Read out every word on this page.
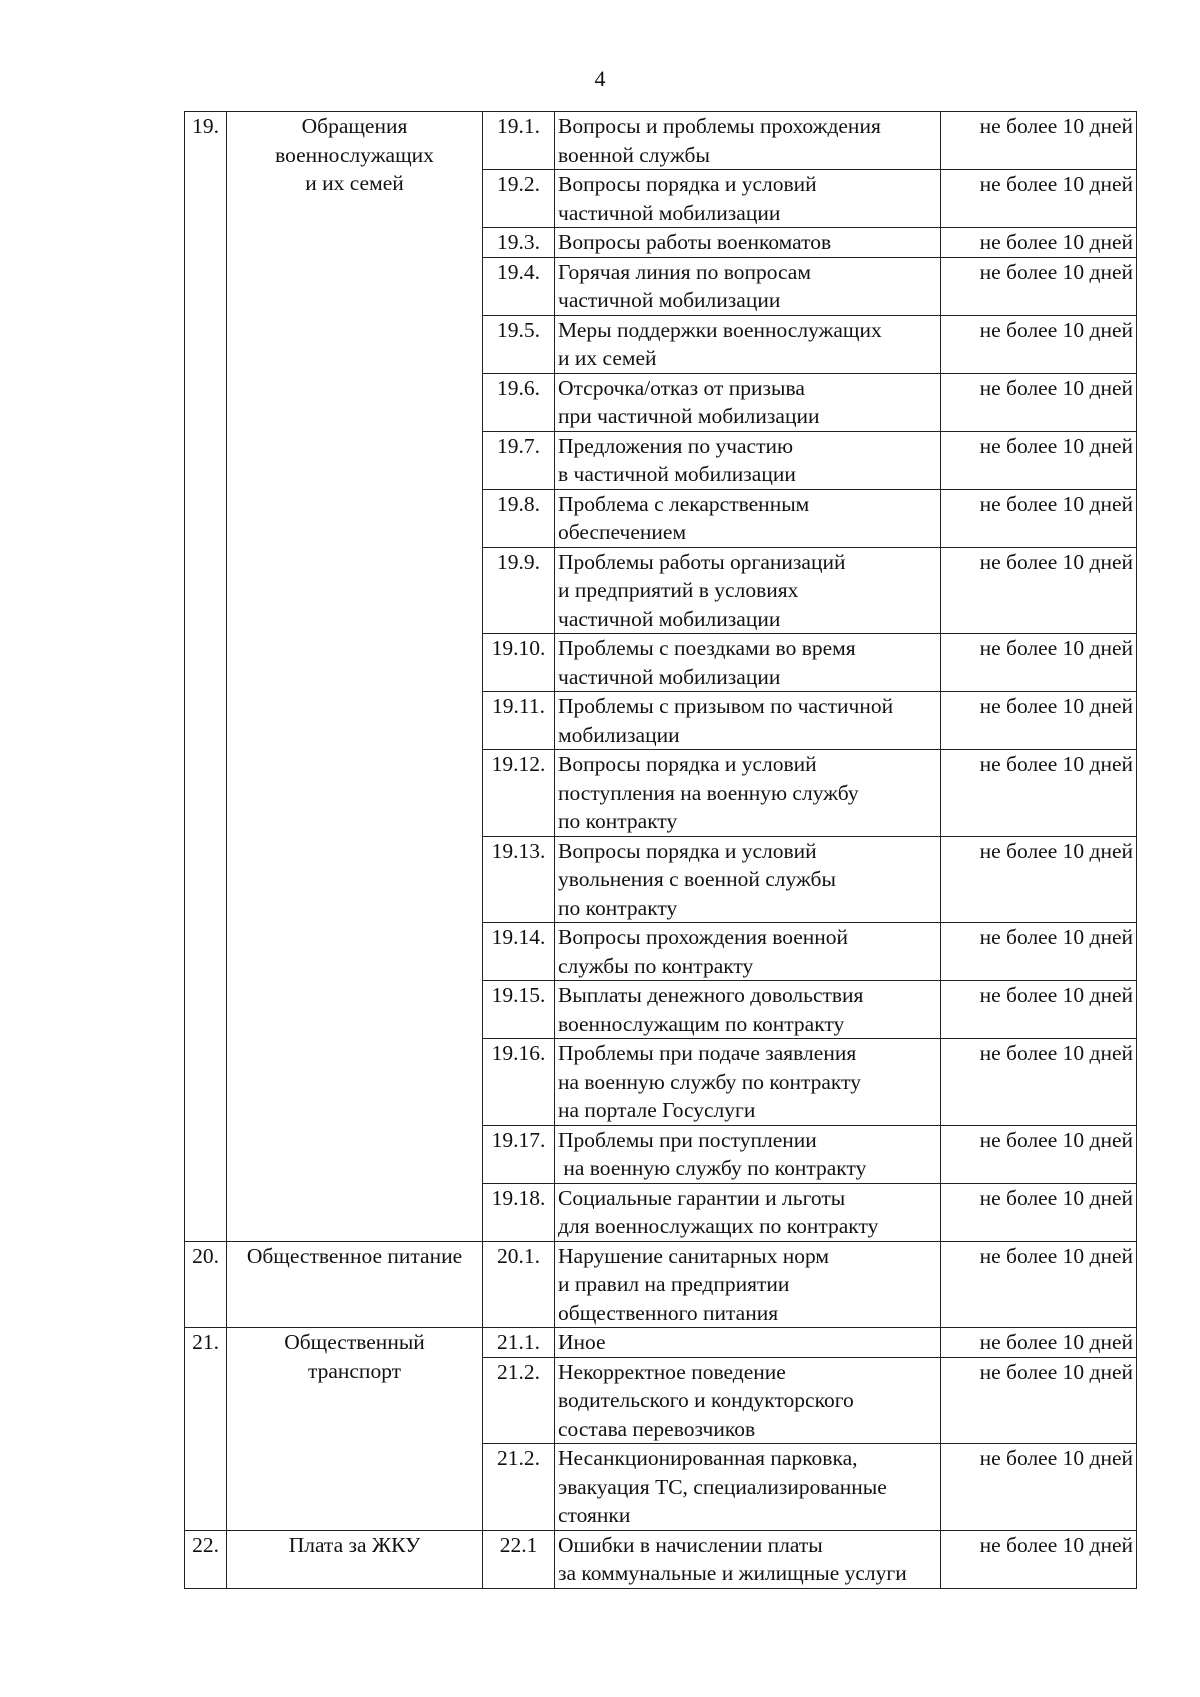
4
19.	Обращения
военнослужащих
и их семей	19.1.	Вопросы и проблемы прохождения
военной службы	не более 10 дней
		19.2.	Вопросы порядка и условий
частичной мобилизации	не более 10 дней
		19.3.	Вопросы работы военкоматов	не более 10 дней
		19.4.	Горячая линия по вопросам
частичной мобилизации	не более 10 дней
		19.5.	Меры поддержки военнослужащих
и их семей	не более 10 дней
		19.6.	Отсрочка/отказ от призыва
при частичной мобилизации	не более 10 дней
		19.7.	Предложения по участию
в частичной мобилизации	не более 10 дней
		19.8.	Проблема с лекарственным
обеспечением	не более 10 дней
		19.9.	Проблемы работы организаций
и предприятий в условиях
частичной мобилизации	не более 10 дней
		19.10.	Проблемы с поездками во время
частичной мобилизации	не более 10 дней
		19.11.	Проблемы с призывом по частичной
мобилизации	не более 10 дней
		19.12.	Вопросы порядка и условий
поступления на военную службу
по контракту	не более 10 дней
		19.13.	Вопросы порядка и условий
увольнения с военной службы
по контракту	не более 10 дней
		19.14.	Вопросы прохождения военной
службы по контракту	не более 10 дней
		19.15.	Выплаты денежного довольствия
военнослужащим по контракту	не более 10 дней
		19.16.	Проблемы при подаче заявления
на военную службу по контракту
на портале Госуслуги	не более 10 дней
		19.17.	Проблемы при поступлении
на военную службу по контракту	не более 10 дней
		19.18.	Социальные гарантии и льготы
для военнослужащих по контракту	не более 10 дней
20.	Общественное питание	20.1.	Нарушение санитарных норм
и правил на предприятии
общественного питания	не более 10 дней
21.	Общественный
транспорт	21.1.	Иное	не более 10 дней
		21.2.	Некорректное поведение
водительского и кондукторского
состава перевозчиков	не более 10 дней
		21.2.	Несанкционированная парковка,
эвакуация ТС, специализированные
стоянки	не более 10 дней
22.	Плата за ЖКУ	22.1	Ошибки в начислении платы
за коммунальные и жилищные услуги	не более 10 дней
